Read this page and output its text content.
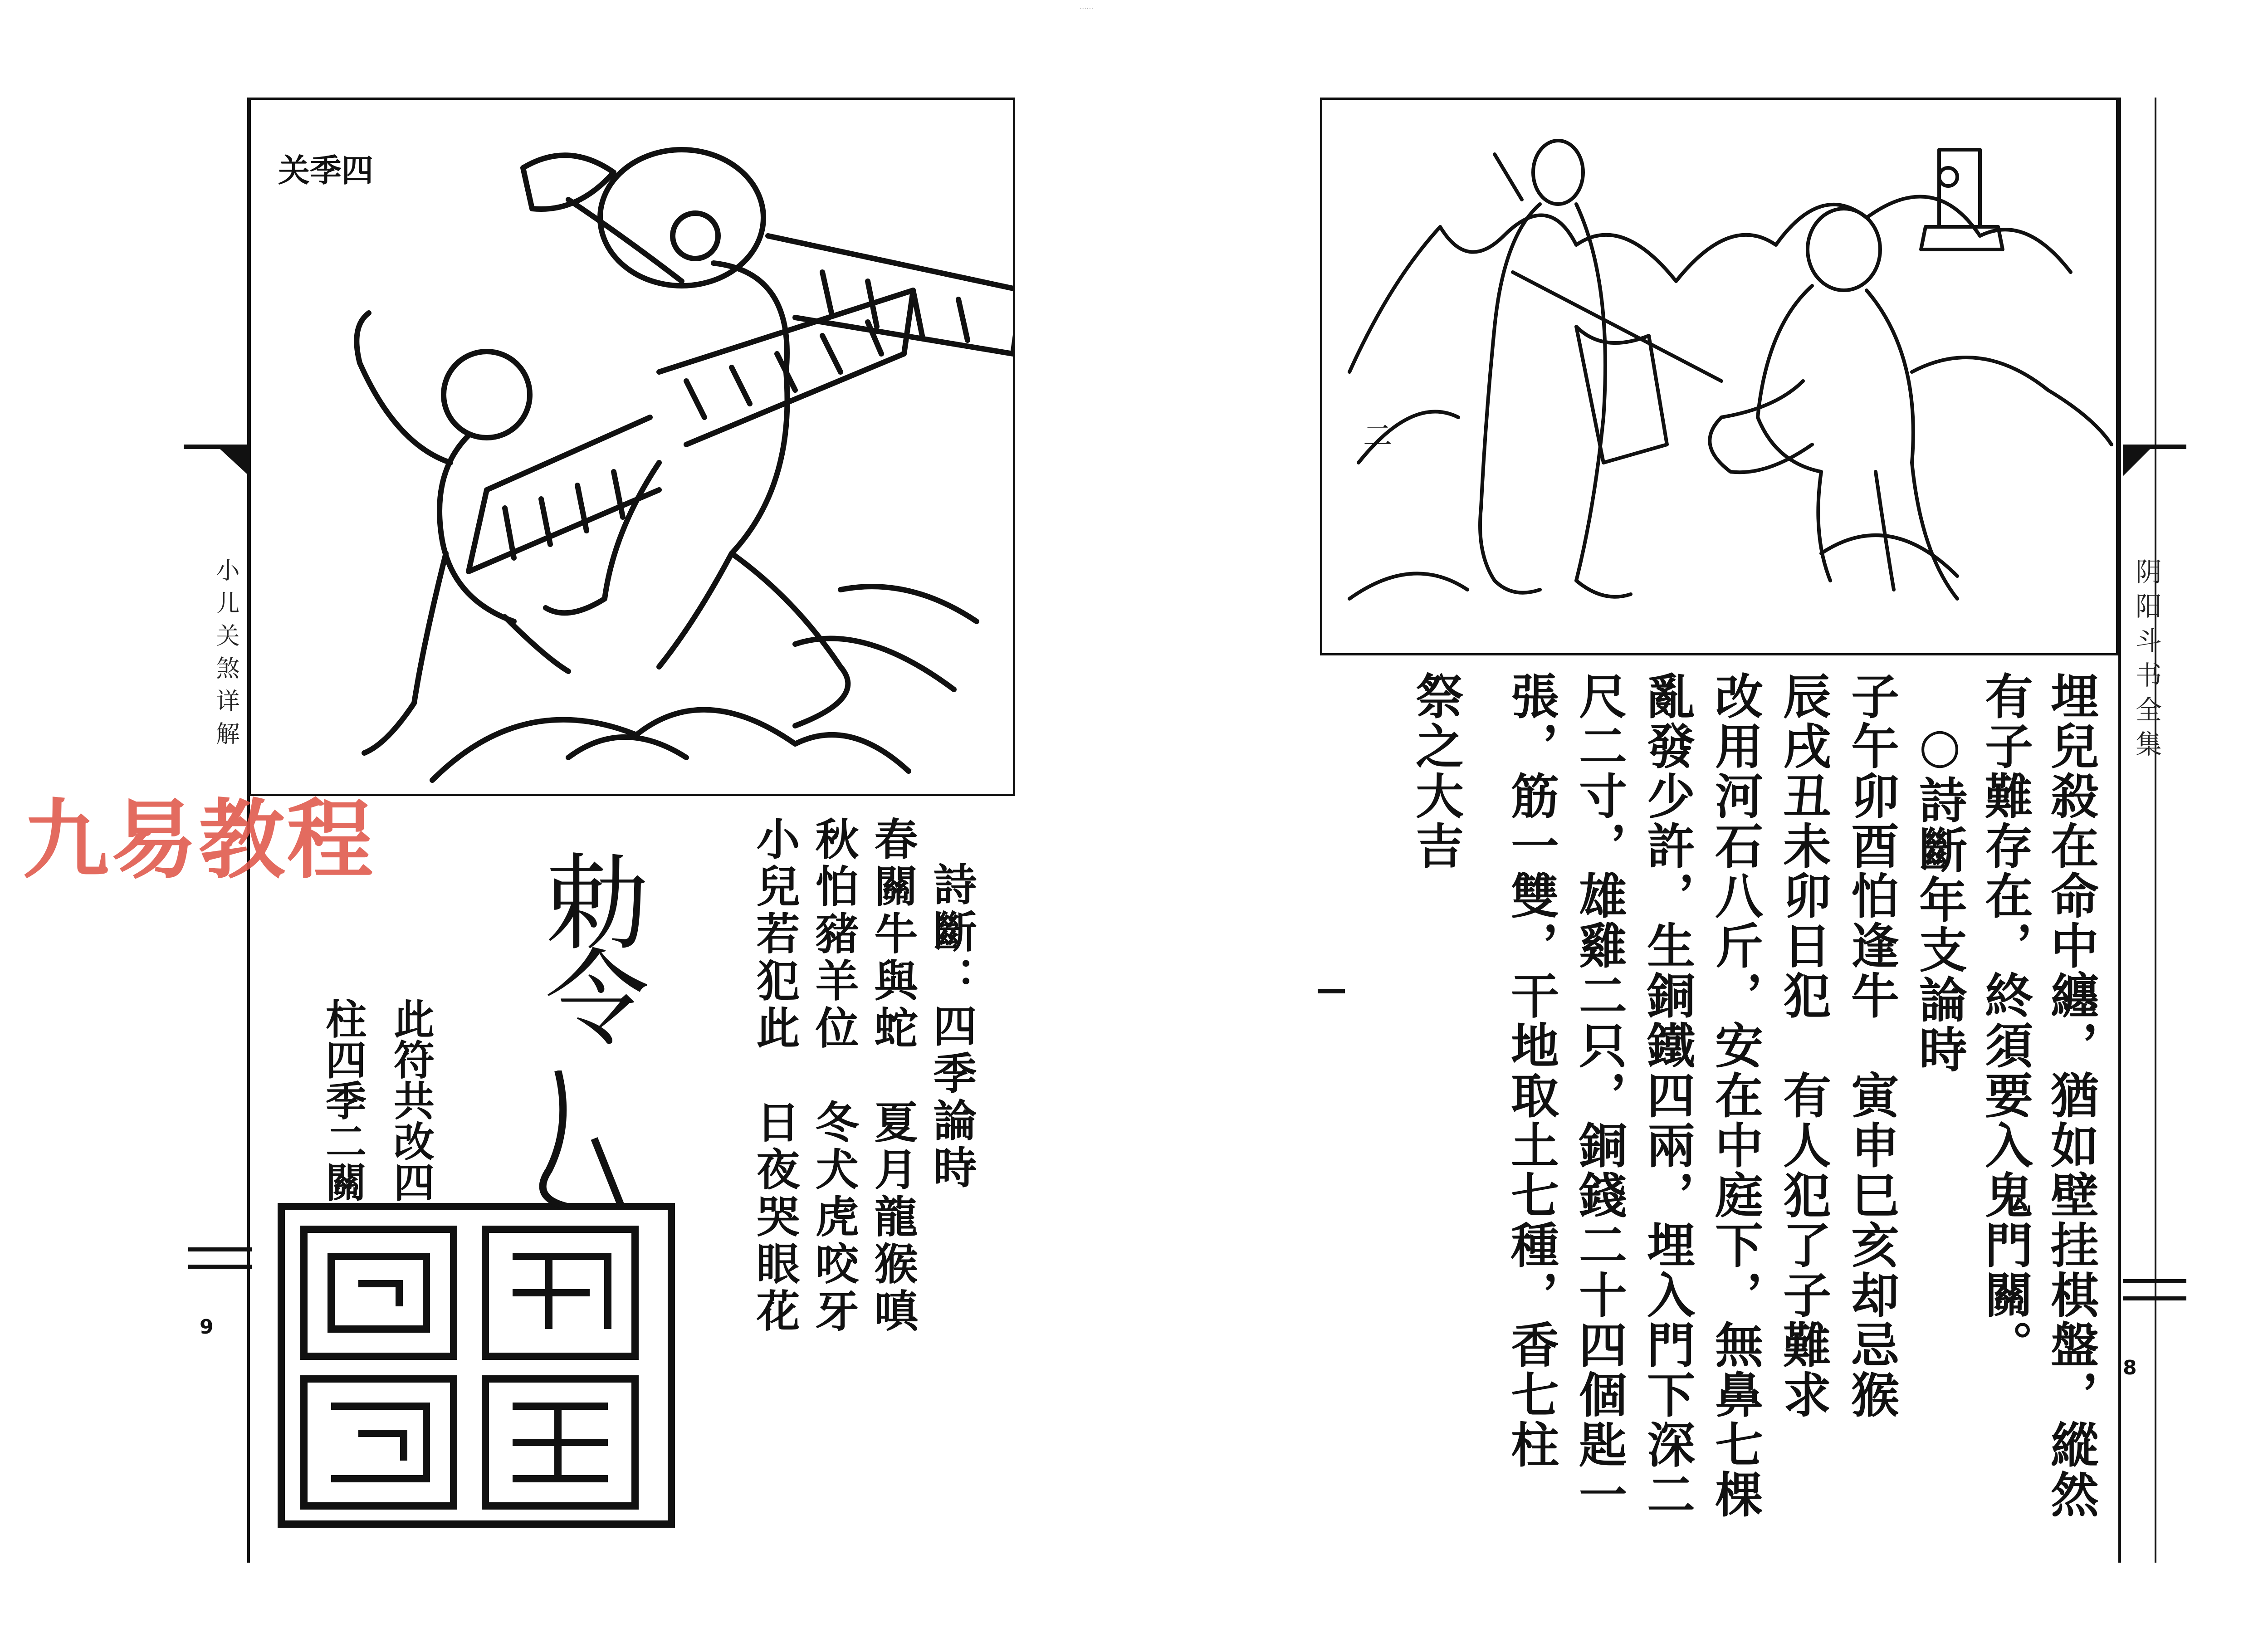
......
四季关
小儿关煞详解
詩斷：四季論時
春關牛與蛇　夏月龍猴嗔
秋怕豬羊位　冬犬虎咬牙
小兒若犯此　日夜哭眼花
勅令
此符共改四
柱四季二關
9
九易教程
二
阴阳斗书全集
埋兒殺在命中纏，猶如壁挂棋盤，縱然
有子難存在，終須要入鬼門關。
○詩斷年支論時
子午卯酉怕逢牛　寅申巳亥却忌猴
辰戌丑未卯日犯　有人犯了子難求
改用河石八斤，安在中庭下，無鼻七棵
亂發少許，生銅鐵四兩，埋入門下深二
尺二寸，雄雞二只，銅錢二十四個匙一
張，筋一雙，干地取土七種，香七柱
祭之大吉
8
